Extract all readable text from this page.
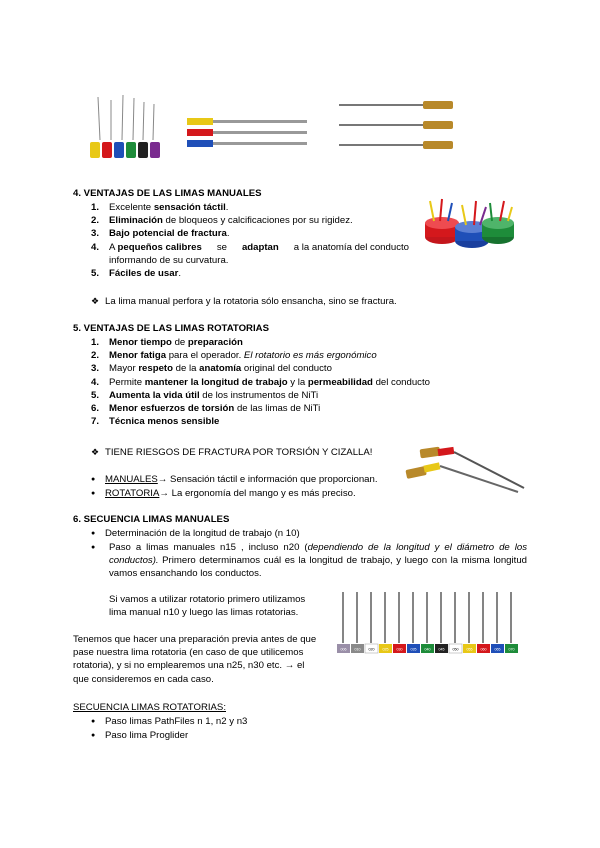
4. VENTAJAS DE LAS LIMAS MANUALES
1. Excelente sensación táctil.
2. Eliminación de bloqueos y calcificaciones por su rigidez.
3. Bajo potencial de fractura.
4. A pequeños calibres se adaptan a la anatomía del conducto
informando de su curvatura.
5. Fáciles de usar.
❖ La lima manual perfora y la rotatoria sólo ensancha, sino se fractura.
5. VENTAJAS DE LAS LIMAS ROTATORIAS
1. Menor tiempo de preparación
2. Menor fatiga para el operador. El rotatorio es más ergonómico
3. Mayor respeto de la anatomía original del conducto
4. Permite mantener la longitud de trabajo y la permeabilidad del conducto
5. Aumenta la vida útil de los instrumentos de NiTi
6. Menor esfuerzos de torsión de las limas de NiTi
7. Técnica menos sensible
❖ TIENE RIESGOS DE FRACTURA POR TORSIÓN Y CIZALLA!
●MANUALES→ Sensación táctil e información que proporcionan.
●ROTATORIA→ La ergonomía del mango y es más preciso.
6. SECUENCIA LIMAS MANUALES
●Determinación de la longitud de trabajo (n 10)
●
Paso a limas manuales n15 , incluso n20 (dependiendo de la longitud y el diámetro de los conductos). Primero determinamos cuál es la longitud de trabajo, y luego con la misma longitud vamos ensanchando los conductos.
Si vamos a utilizar rotatorio primero utilizamos
lima manual n10 y luego las limas rotatorias.
Tenemos que hacer una preparación previa antes de que
pase nuestra lima rotatoria (en caso de que utilicemos
rotatoria), y si no emplearemos una n25, n30 etc. → el
que consideremos en cada caso.
006 010 020 025 030 035 040 045 050 055 060 065 070
SECUENCIA LIMAS ROTATORIAS:
●Paso limas PathFiles n 1, n2 y n3
●Paso lima Proglider
